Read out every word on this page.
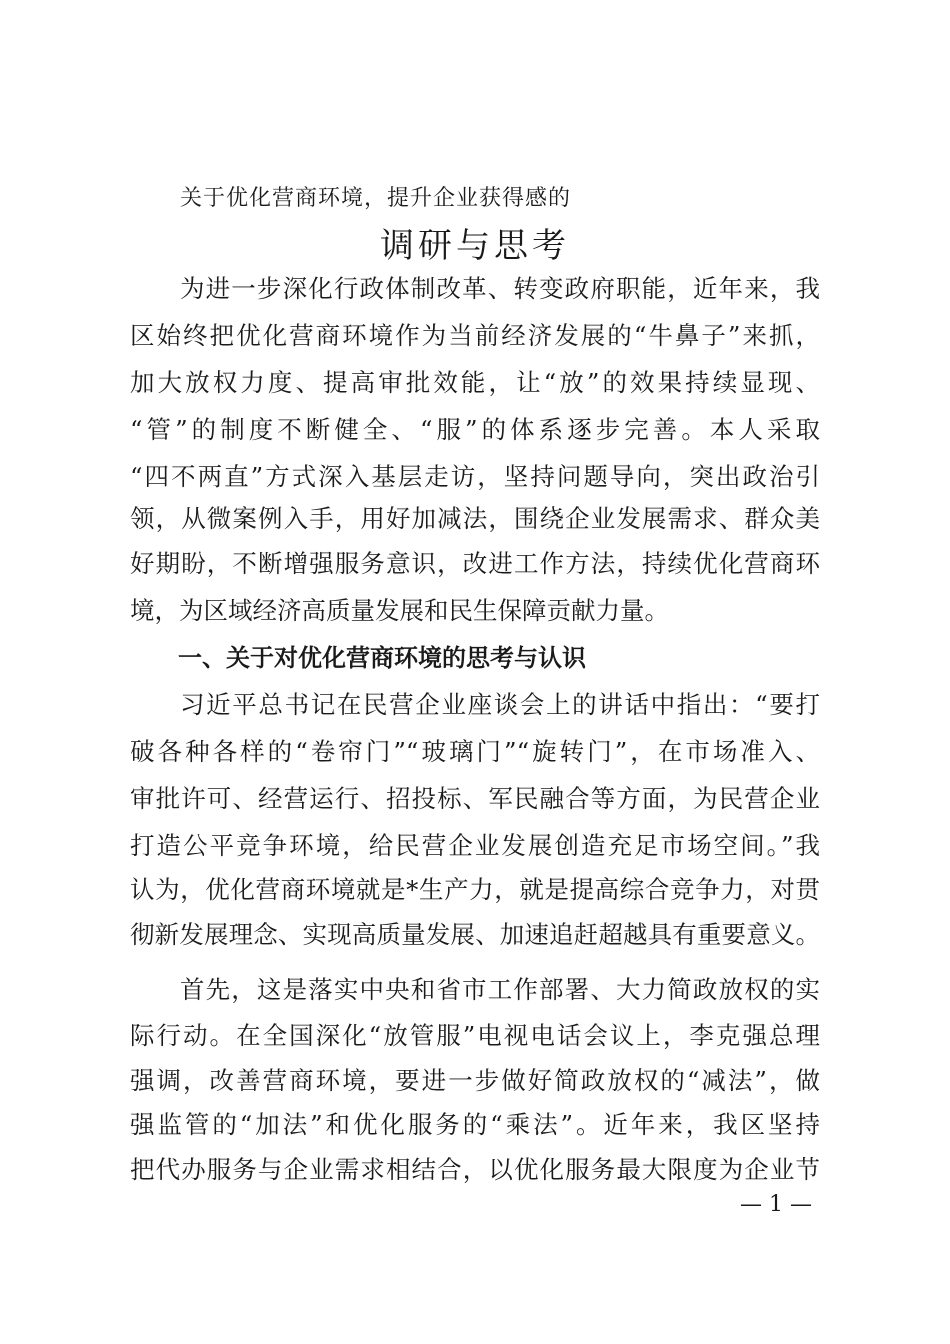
关于优化营商环境，提升企业获得感的
调研与思考
为进一步深化行政体制改革、转变政府职能，近年来，我
区始终把优化营商环境作为当前经济发展的“牛鼻子”来抓，
加大放权力度、提高审批效能，让“放”的效果持续显现、
“管”的制度不断健全、“服”的体系逐步完善。本人采取
“四不两直”方式深入基层走访，坚持问题导向，突出政治引
领，从微案例入手，用好加减法，围绕企业发展需求、群众美
好期盼，不断增强服务意识，改进工作方法，持续优化营商环
境，为区域经济高质量发展和民生保障贡献力量。
一、关于对优化营商环境的思考与认识
习近平总书记在民营企业座谈会上的讲话中指出：“要打
破各种各样的“卷帘门”“玻璃门”“旋转门”，在市场准入、
审批许可、经营运行、招投标、军民融合等方面，为民营企业
打造公平竞争环境，给民营企业发展创造充足市场空间。”我
认为，优化营商环境就是*生产力，就是提高综合竞争力，对贯
彻新发展理念、实现高质量发展、加速追赶超越具有重要意义。
首先，这是落实中央和省市工作部署、大力简政放权的实
际行动。在全国深化“放管服”电视电话会议上，李克强总理
强调，改善营商环境，要进一步做好简政放权的“减法”，做
强监管的“加法”和优化服务的“乘法”。近年来，我区坚持
把代办服务与企业需求相结合，以优化服务最大限度为企业节
— 1 —
